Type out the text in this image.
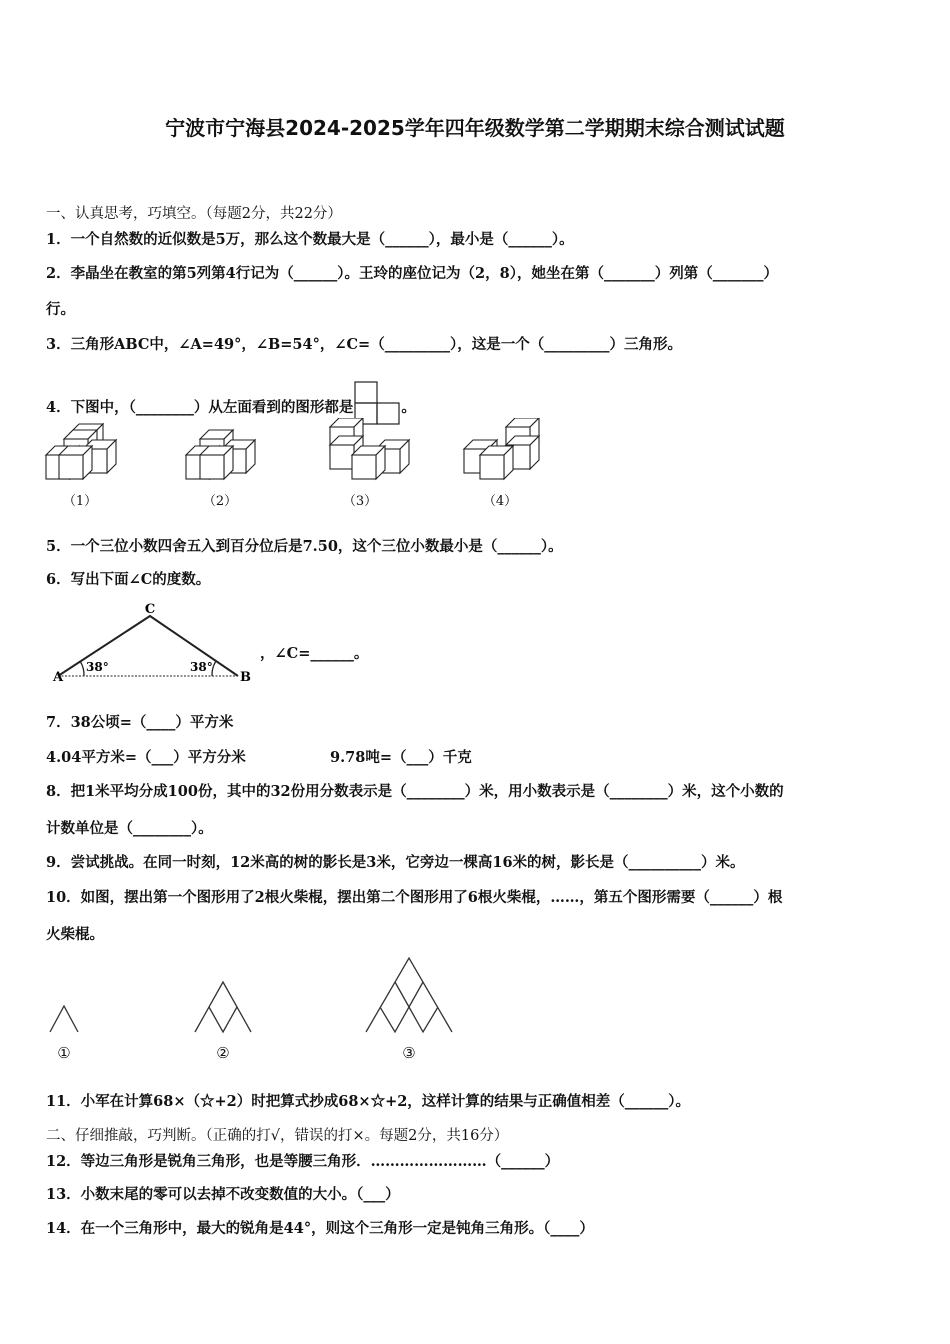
宁波市宁海县2024-2025学年四年级数学第二学期期末综合测试试题
一、认真思考，巧填空。（每题2分，共22分）
1．一个自然数的近似数是5万，那么这个数最大是（______），最小是（______）。
2．李晶坐在教室的第5列第4行记为（______）。王玲的座位记为（2，8），她坐在第（_______）列第（_______）
行。
3．三角形ABC中，∠A=49°，∠B=54°，∠C=（_________），这是一个（_________）三角形。
4．下图中，（________）从左面看到的图形都是	。
（1）	（2）	（3）	（4）
5．一个三位小数四舍五入到百分位后是7.50，这个三位小数最小是（______）。
6．写出下面∠C的度数。
C
A	B
38°	38°
，∠C=______。
7．38公顷=（____）平方米
4.04平方米=（___）平方分米	9.78吨=（___）千克
8．把1米平均分成100份，其中的32份用分数表示是（________）米，用小数表示是（________）米，这个小数的
计数单位是（________）。
9．尝试挑战。在同一时刻，12米高的树的影长是3米，它旁边一棵高16米的树，影长是（__________）米。
10．如图，摆出第一个图形用了2根火柴棍，摆出第二个图形用了6根火柴棍，……，第五个图形需要（______）根
火柴棍。
①	②	③
11．小军在计算68×（☆+2）时把算式抄成68×☆+2，这样计算的结果与正确值相差（______）。
二、仔细推敲，巧判断。（正确的打√，错误的打×。每题2分，共16分）
12．等边三角形是锐角三角形，也是等腰三角形．……………………（______）
13．小数末尾的零可以去掉不改变数值的大小。（___）
14．在一个三角形中，最大的锐角是44°，则这个三角形一定是钝角三角形。（____）
